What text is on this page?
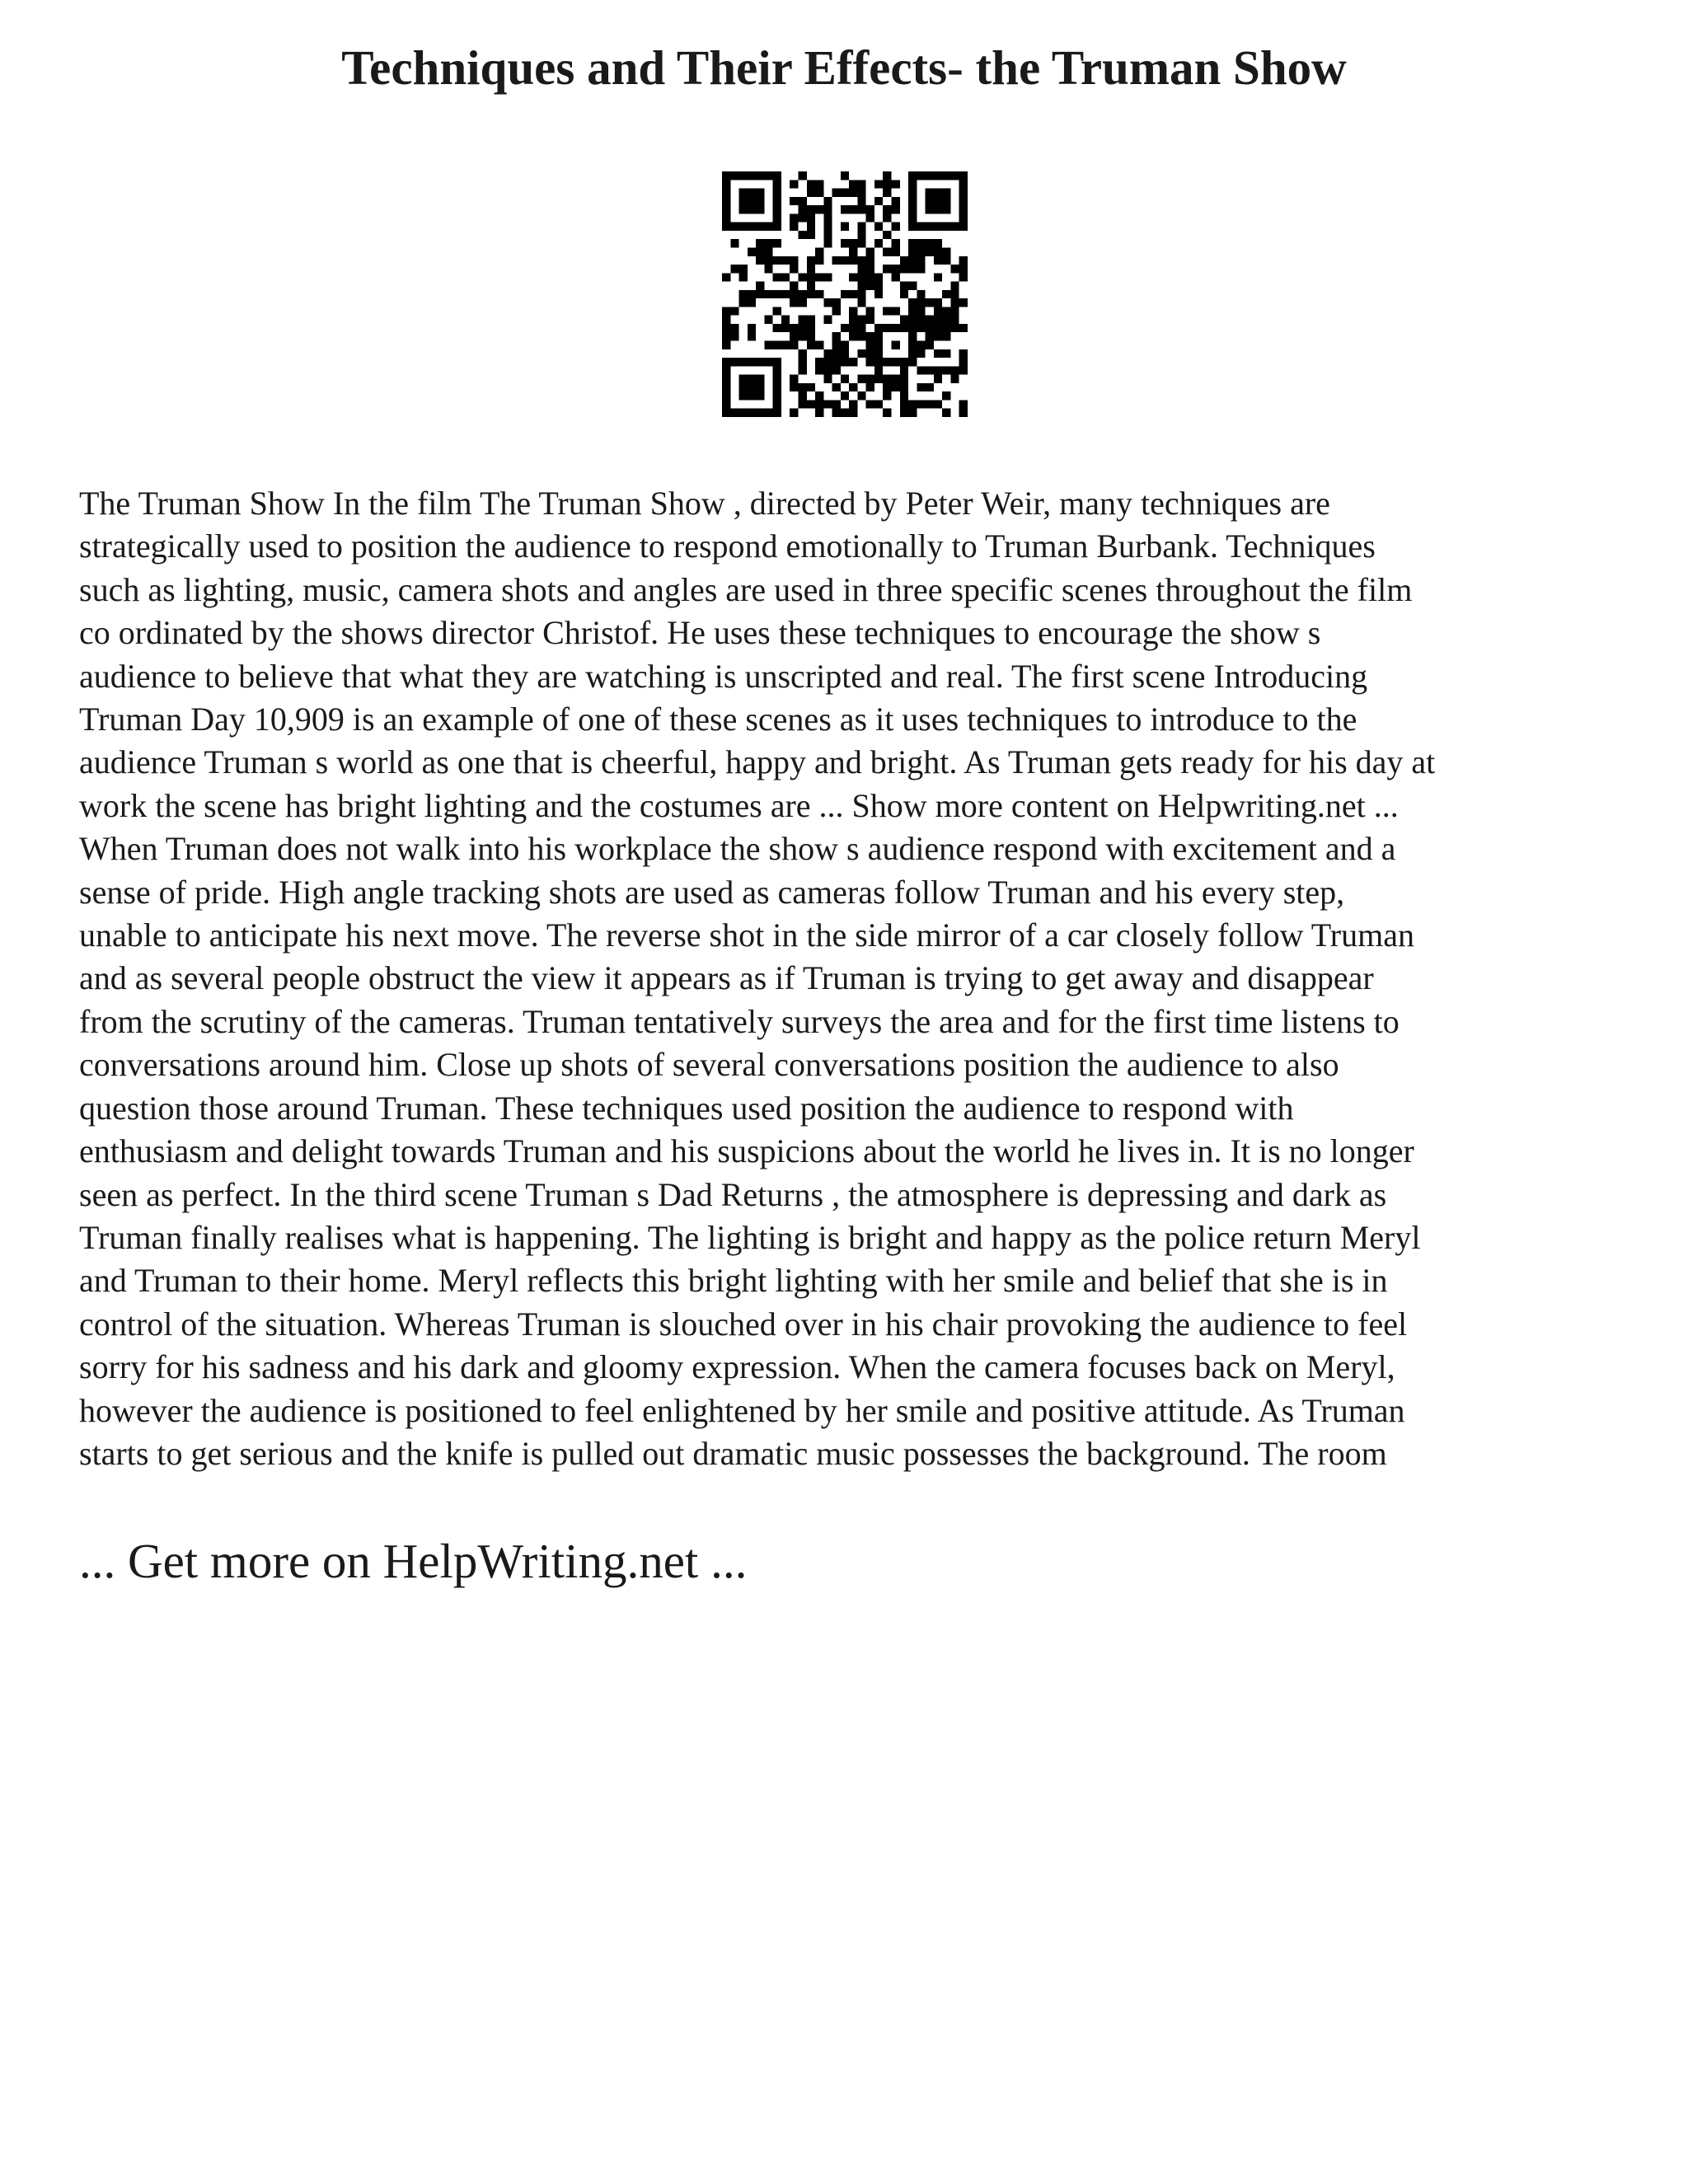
Techniques and Their Effects- the Truman Show
The Truman Show In the film The Truman Show , directed by Peter Weir, many techniques are
strategically used to position the audience to respond emotionally to Truman Burbank. Techniques
such as lighting, music, camera shots and angles are used in three specific scenes throughout the film
co ordinated by the shows director Christof. He uses these techniques to encourage the show s
audience to believe that what they are watching is unscripted and real. The first scene Introducing
Truman Day 10,909 is an example of one of these scenes as it uses techniques to introduce to the
audience Truman s world as one that is cheerful, happy and bright. As Truman gets ready for his day at
work the scene has bright lighting and the costumes are ... Show more content on Helpwriting.net ...
When Truman does not walk into his workplace the show s audience respond with excitement and a
sense of pride. High angle tracking shots are used as cameras follow Truman and his every step,
unable to anticipate his next move. The reverse shot in the side mirror of a car closely follow Truman
and as several people obstruct the view it appears as if Truman is trying to get away and disappear
from the scrutiny of the cameras. Truman tentatively surveys the area and for the first time listens to
conversations around him. Close up shots of several conversations position the audience to also
question those around Truman. These techniques used position the audience to respond with
enthusiasm and delight towards Truman and his suspicions about the world he lives in. It is no longer
seen as perfect. In the third scene Truman s Dad Returns , the atmosphere is depressing and dark as
Truman finally realises what is happening. The lighting is bright and happy as the police return Meryl
and Truman to their home. Meryl reflects this bright lighting with her smile and belief that she is in
control of the situation. Whereas Truman is slouched over in his chair provoking the audience to feel
sorry for his sadness and his dark and gloomy expression. When the camera focuses back on Meryl,
however the audience is positioned to feel enlightened by her smile and positive attitude. As Truman
starts to get serious and the knife is pulled out dramatic music possesses the background. The room

... Get more on HelpWriting.net ...
